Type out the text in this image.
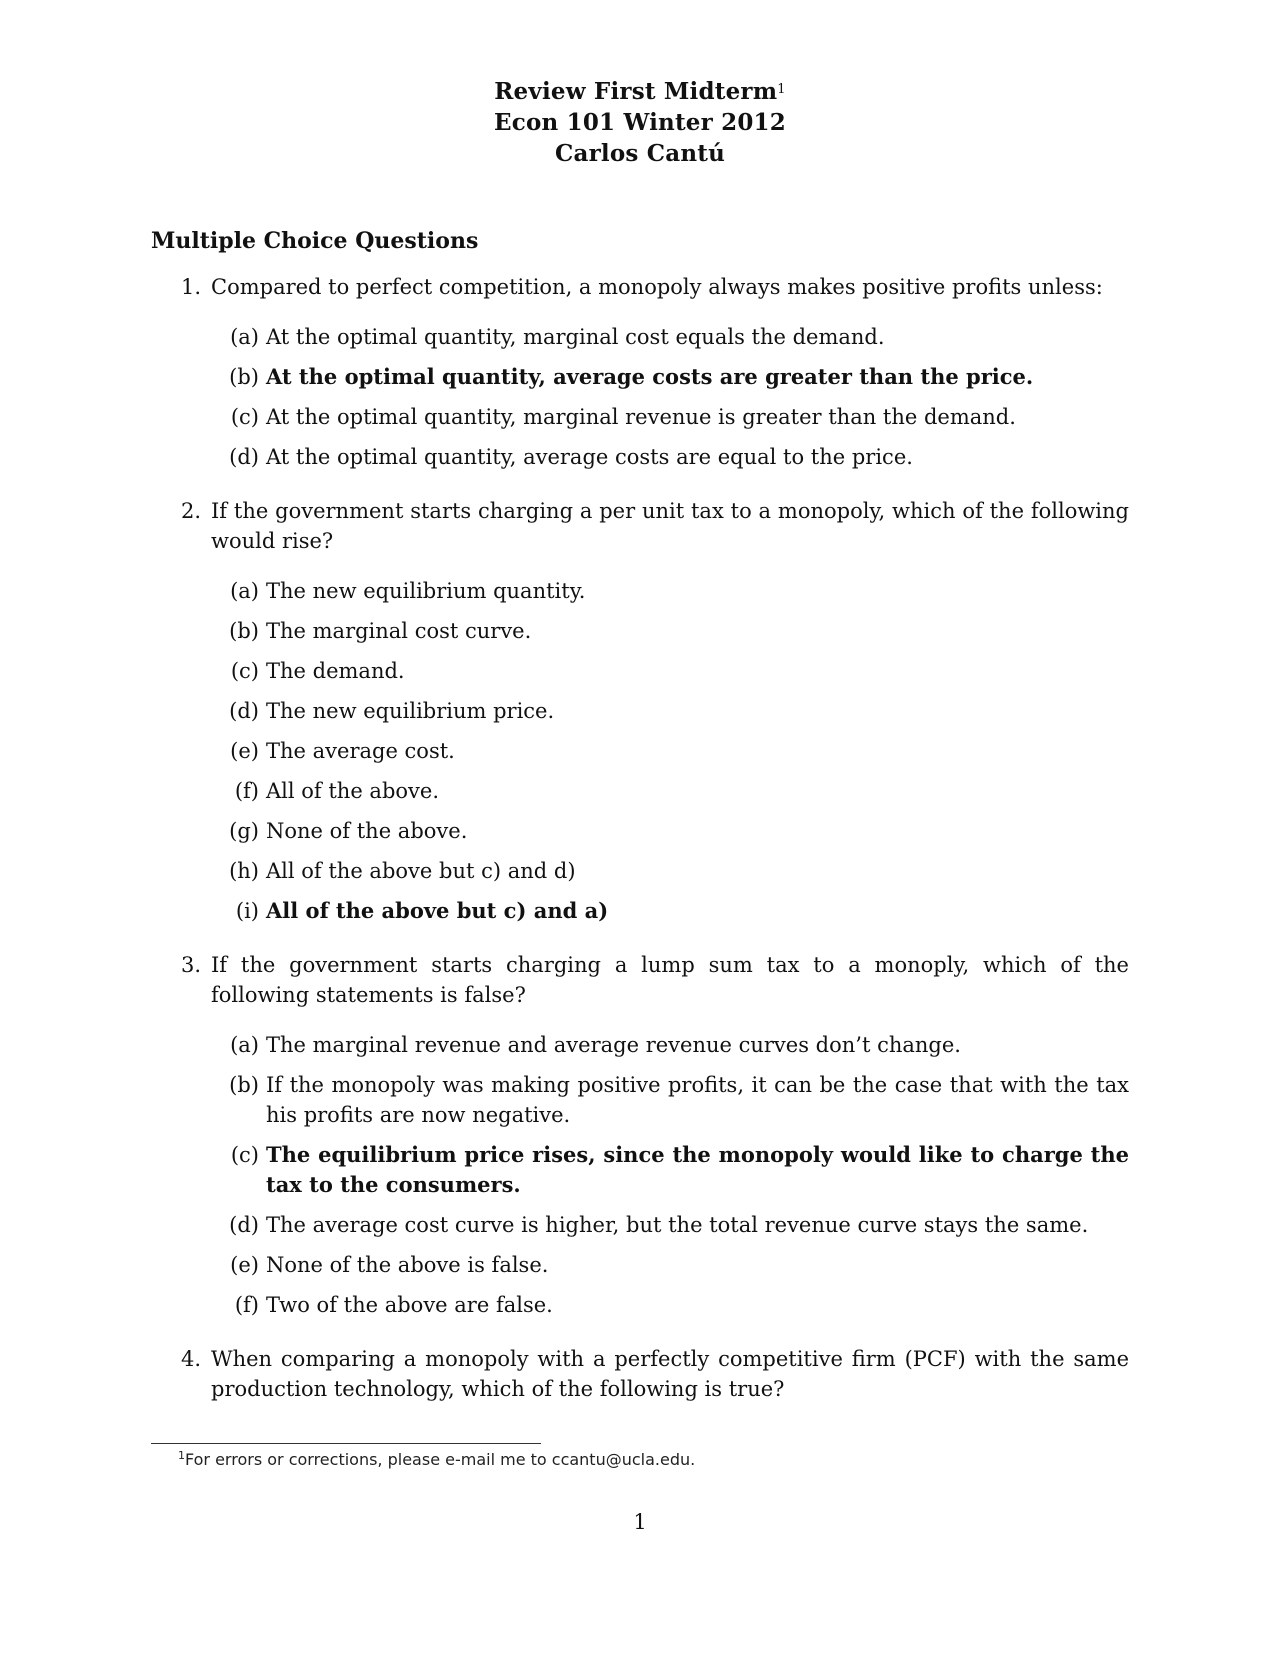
Review First Midterm$^1$
Econ 101 Winter 2012
Carlos Cantú
Multiple Choice Questions
1. Compared to perfect competition, a monopoly always makes positive profits unless:
(a) At the optimal quantity, marginal cost equals the demand.
(b) At the optimal quantity, average costs are greater than the price.
(c) At the optimal quantity, marginal revenue is greater than the demand.
(d) At the optimal quantity, average costs are equal to the price.
2. If the government starts charging a per unit tax to a monopoly, which of the following would rise?
(a) The new equilibrium quantity.
(b) The marginal cost curve.
(c) The demand.
(d) The new equilibrium price.
(e) The average cost.
(f) All of the above.
(g) None of the above.
(h) All of the above but c) and d)
(i) All of the above but c) and a)
3. If the government starts charging a lump sum tax to a monoply, which of the following statements is false?
(a) The marginal revenue and average revenue curves don’t change.
(b) If the monopoly was making positive profits, it can be the case that with the tax his profits are now negative.
(c) The equilibrium price rises, since the monopoly would like to charge the tax to the consumers.
(d) The average cost curve is higher, but the total revenue curve stays the same.
(e) None of the above is false.
(f) Two of the above are false.
4. When comparing a monopoly with a perfectly competitive firm (PCF) with the same production technology, which of the following is true?
$^1$For errors or corrections, please e-mail me to ccantu@ucla.edu.
1
